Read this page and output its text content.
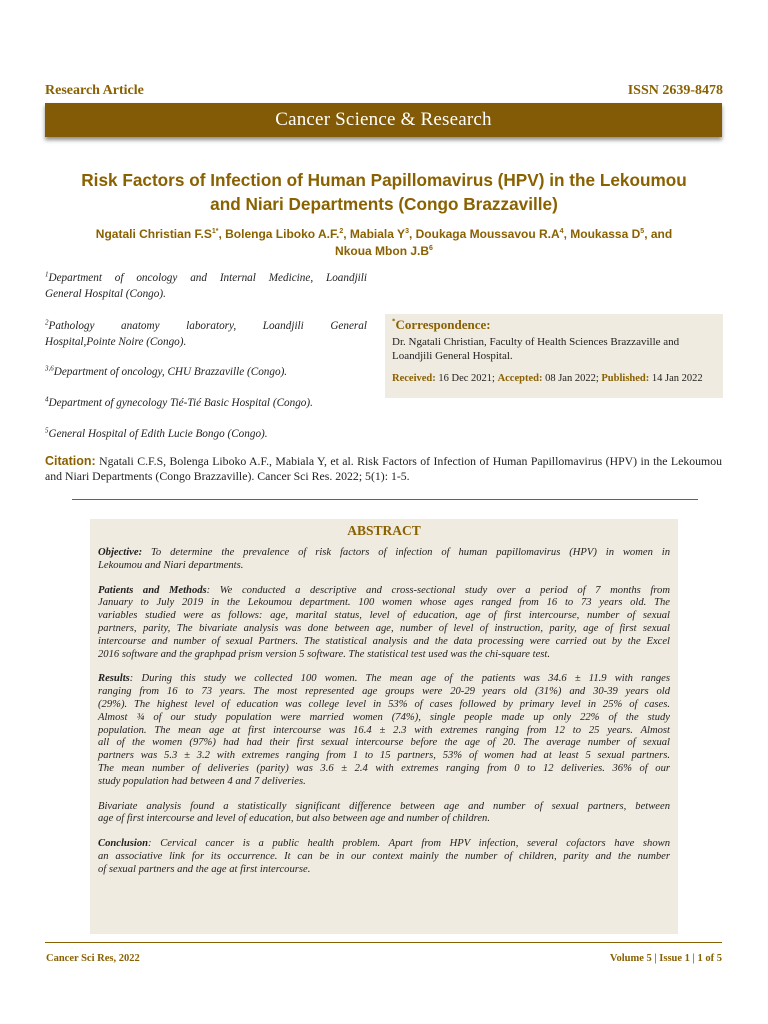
Research Article	ISSN 2639-8478
Cancer Science & Research
Risk Factors of Infection of Human Papillomavirus (HPV) in the Lekoumou
and Niari Departments (Congo Brazzaville)
Ngatali Christian $F.S^{1*}$, Bolenga Liboko A.F.$^2$, Mabiala $Y^3$, Doukaga Moussavou $R.A^4$, Moukassa $D^5$, and
Nkoua Mbon $J.B^6$
$^1$Department of oncology and Internal Medicine, Loandjili
General Hospital (Congo).
$^2$Pathology anatomy laboratory, Loandjili General
Hospital,Pointe Noire (Congo).
$^{3,6}$Department of oncology, CHU Brazzaville (Congo).
$^4$Department of gynecology Tié-Tié Basic Hospital (Congo).
$^5$General Hospital of Edith Lucie Bongo (Congo).
*Correspondence:
Dr. Ngatali Christian, Faculty of Health Sciences Brazzaville and Loandjili General Hospital.
Received: 16 Dec 2021; Accepted: 08 Jan 2022; Published: 14 Jan 2022
Citation: Ngatali C.F.S, Bolenga Liboko A.F., Mabiala Y, et al. Risk Factors of Infection of Human Papillomavirus (HPV) in the Lekoumou and Niari Departments (Congo Brazzaville). Cancer Sci Res. 2022; 5(1): 1-5.
ABSTRACT
Objective: To determine the prevalence of risk factors of infection of human papillomavirus (HPV) in women in
Lekoumou and Niari departments.
Patients and Methods: We conducted a descriptive and cross-sectional study over a period of 7 months from
January to July 2019 in the Lekoumou department. 100 women whose ages ranged from 16 to 73 years old. The
variables studied were as follows: age, marital status, level of education, age of first intercourse, number of sexual
partners, parity, The bivariate analysis was done between age, number of level of instruction, parity, age of first sexual
intercourse and number of sexual Partners. The statistical analysis and the data processing were carried out by the Excel
2016 software and the graphpad prism version 5 software. The statistical test used was the chi-square test.
Results: During this study we collected 100 women. The mean age of the patients was 34.6 ± 11.9 with ranges
ranging from 16 to 73 years. The most represented age groups were 20-29 years old (31%) and 30-39 years old
(29%). The highest level of education was college level in 53% of cases followed by primary level in 25% of cases.
Almost ¾ of our study population were married women (74%), single people made up only 22% of the study
population. The mean age at first intercourse was 16.4 ± 2.3 with extremes ranging from 12 to 25 years. Almost
all of the women (97%) had had their first sexual intercourse before the age of 20. The average number of sexual
partners was 5.3 ± 3.2 with extremes ranging from 1 to 15 partners, 53% of women had at least 5 sexual partners.
The mean number of deliveries (parity) was 3.6 ± 2.4 with extremes ranging from 0 to 12 deliveries. 36% of our
study population had between 4 and 7 deliveries.
Bivariate analysis found a statistically significant difference between age and number of sexual partners, between
age of first intercourse and level of education, but also between age and number of children.
Conclusion: Cervical cancer is a public health problem. Apart from HPV infection, several cofactors have shown
an associative link for its occurrence. It can be in our context mainly the number of children, parity and the number
of sexual partners and the age at first intercourse.
Cancer Sci Res, 2022	Volume 5 | Issue 1 | 1 of 5
